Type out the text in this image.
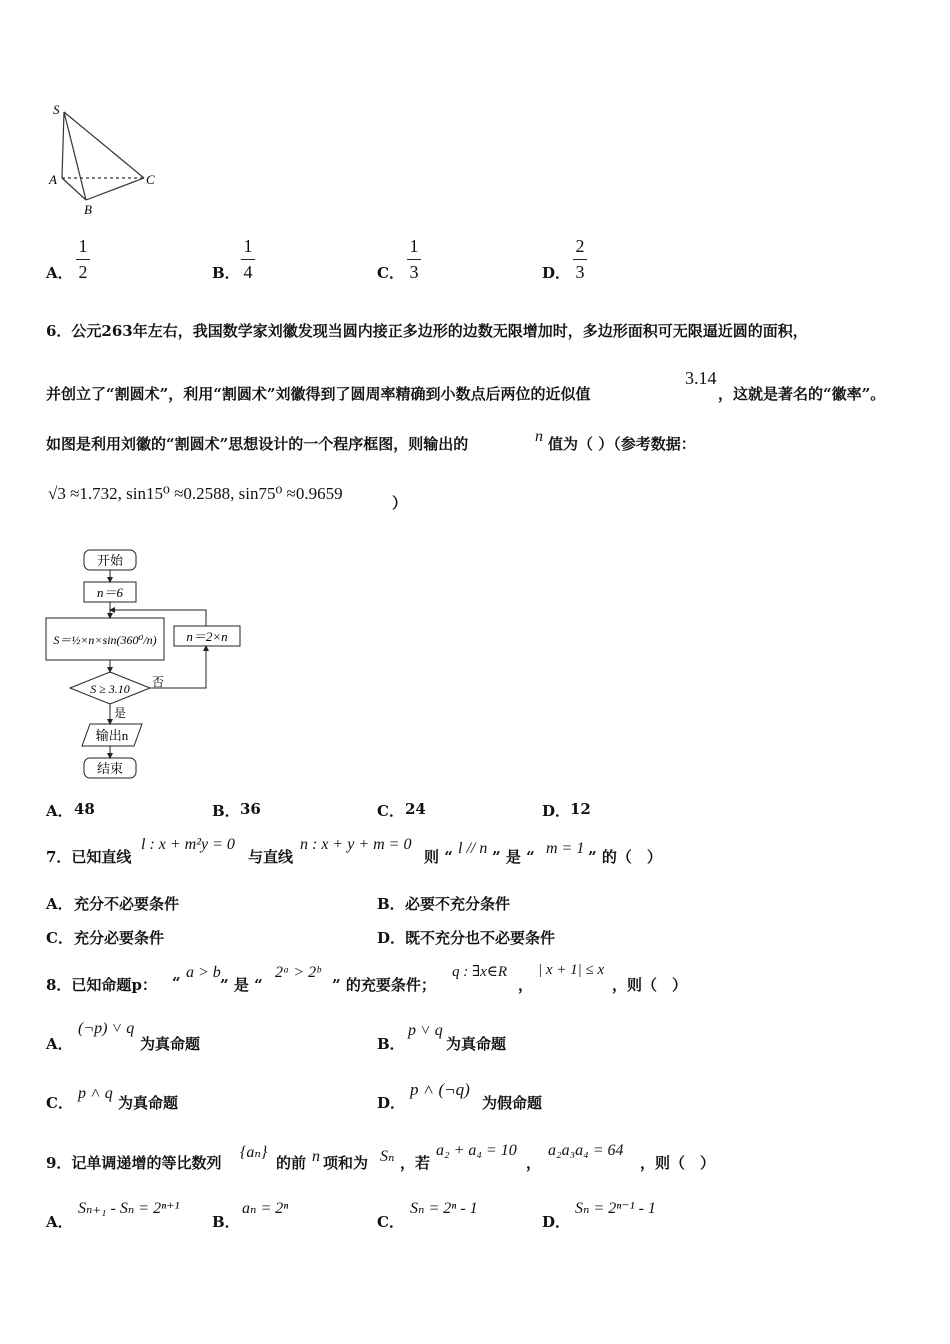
S
A
B
C
A．
1
2	B．
1
4	C．
1
3	D．
2
3
6．公元263年左右，我国数学家刘徽发现当圆内接正多边形的边数无限增加时，多边形面积可无限逼近圆的面积，
并创立了“割圆术”，利用“割圆术”刘徽得到了圆周率精确到小数点后两位的近似值
3.14
，这就是著名的“徽率”。
如图是利用刘徽的“割圆术”思想设计的一个程序框图，则输出的	n 值为（ ）（参考数据：
√3 ≈1.732, sin15⁰ ≈0.2588, sin75⁰ ≈0.9659	）
开始
n＝6
S＝½×n×sin(360⁰/n)
S ≥ 3.10 否
n＝2×n
是
输出n
结束
A． 48	B． 36	C． 24	D． 12
7．已知直线
l : x + m²y = 0
与直线
n : x + y + m = 0
则 “ l // n ” 是 “ m = 1 ” 的（　）
A． 充分不必要条件	B． 必要不充分条件
C． 充分必要条件	D． 既不充分也不必要条件
8．已知命题p： “
a > b
” 是 “
2ᵃ > 2ᵇ
” 的充要条件；
q : ∃x∈R
，
| x + 1| ≤ x
，则（　）
A．
(¬p) ˅ q
为真命题	B．
p ˅ q
为真命题
C．
p ˄ q
为真命题	D．
p ˄ (¬q)
为假命题
9．记单调递增的等比数列
{aₙ}
的前 n 项和为 Sₙ ，若
a₂ + a₄ = 10
，
a₂a₃a₄ = 64
，则（　）
A．
Sₙ₊₁ - Sₙ = 2ⁿ⁺¹
B．
aₙ = 2ⁿ
C．
Sₙ = 2ⁿ - 1
D．
Sₙ = 2ⁿ⁻¹ - 1
